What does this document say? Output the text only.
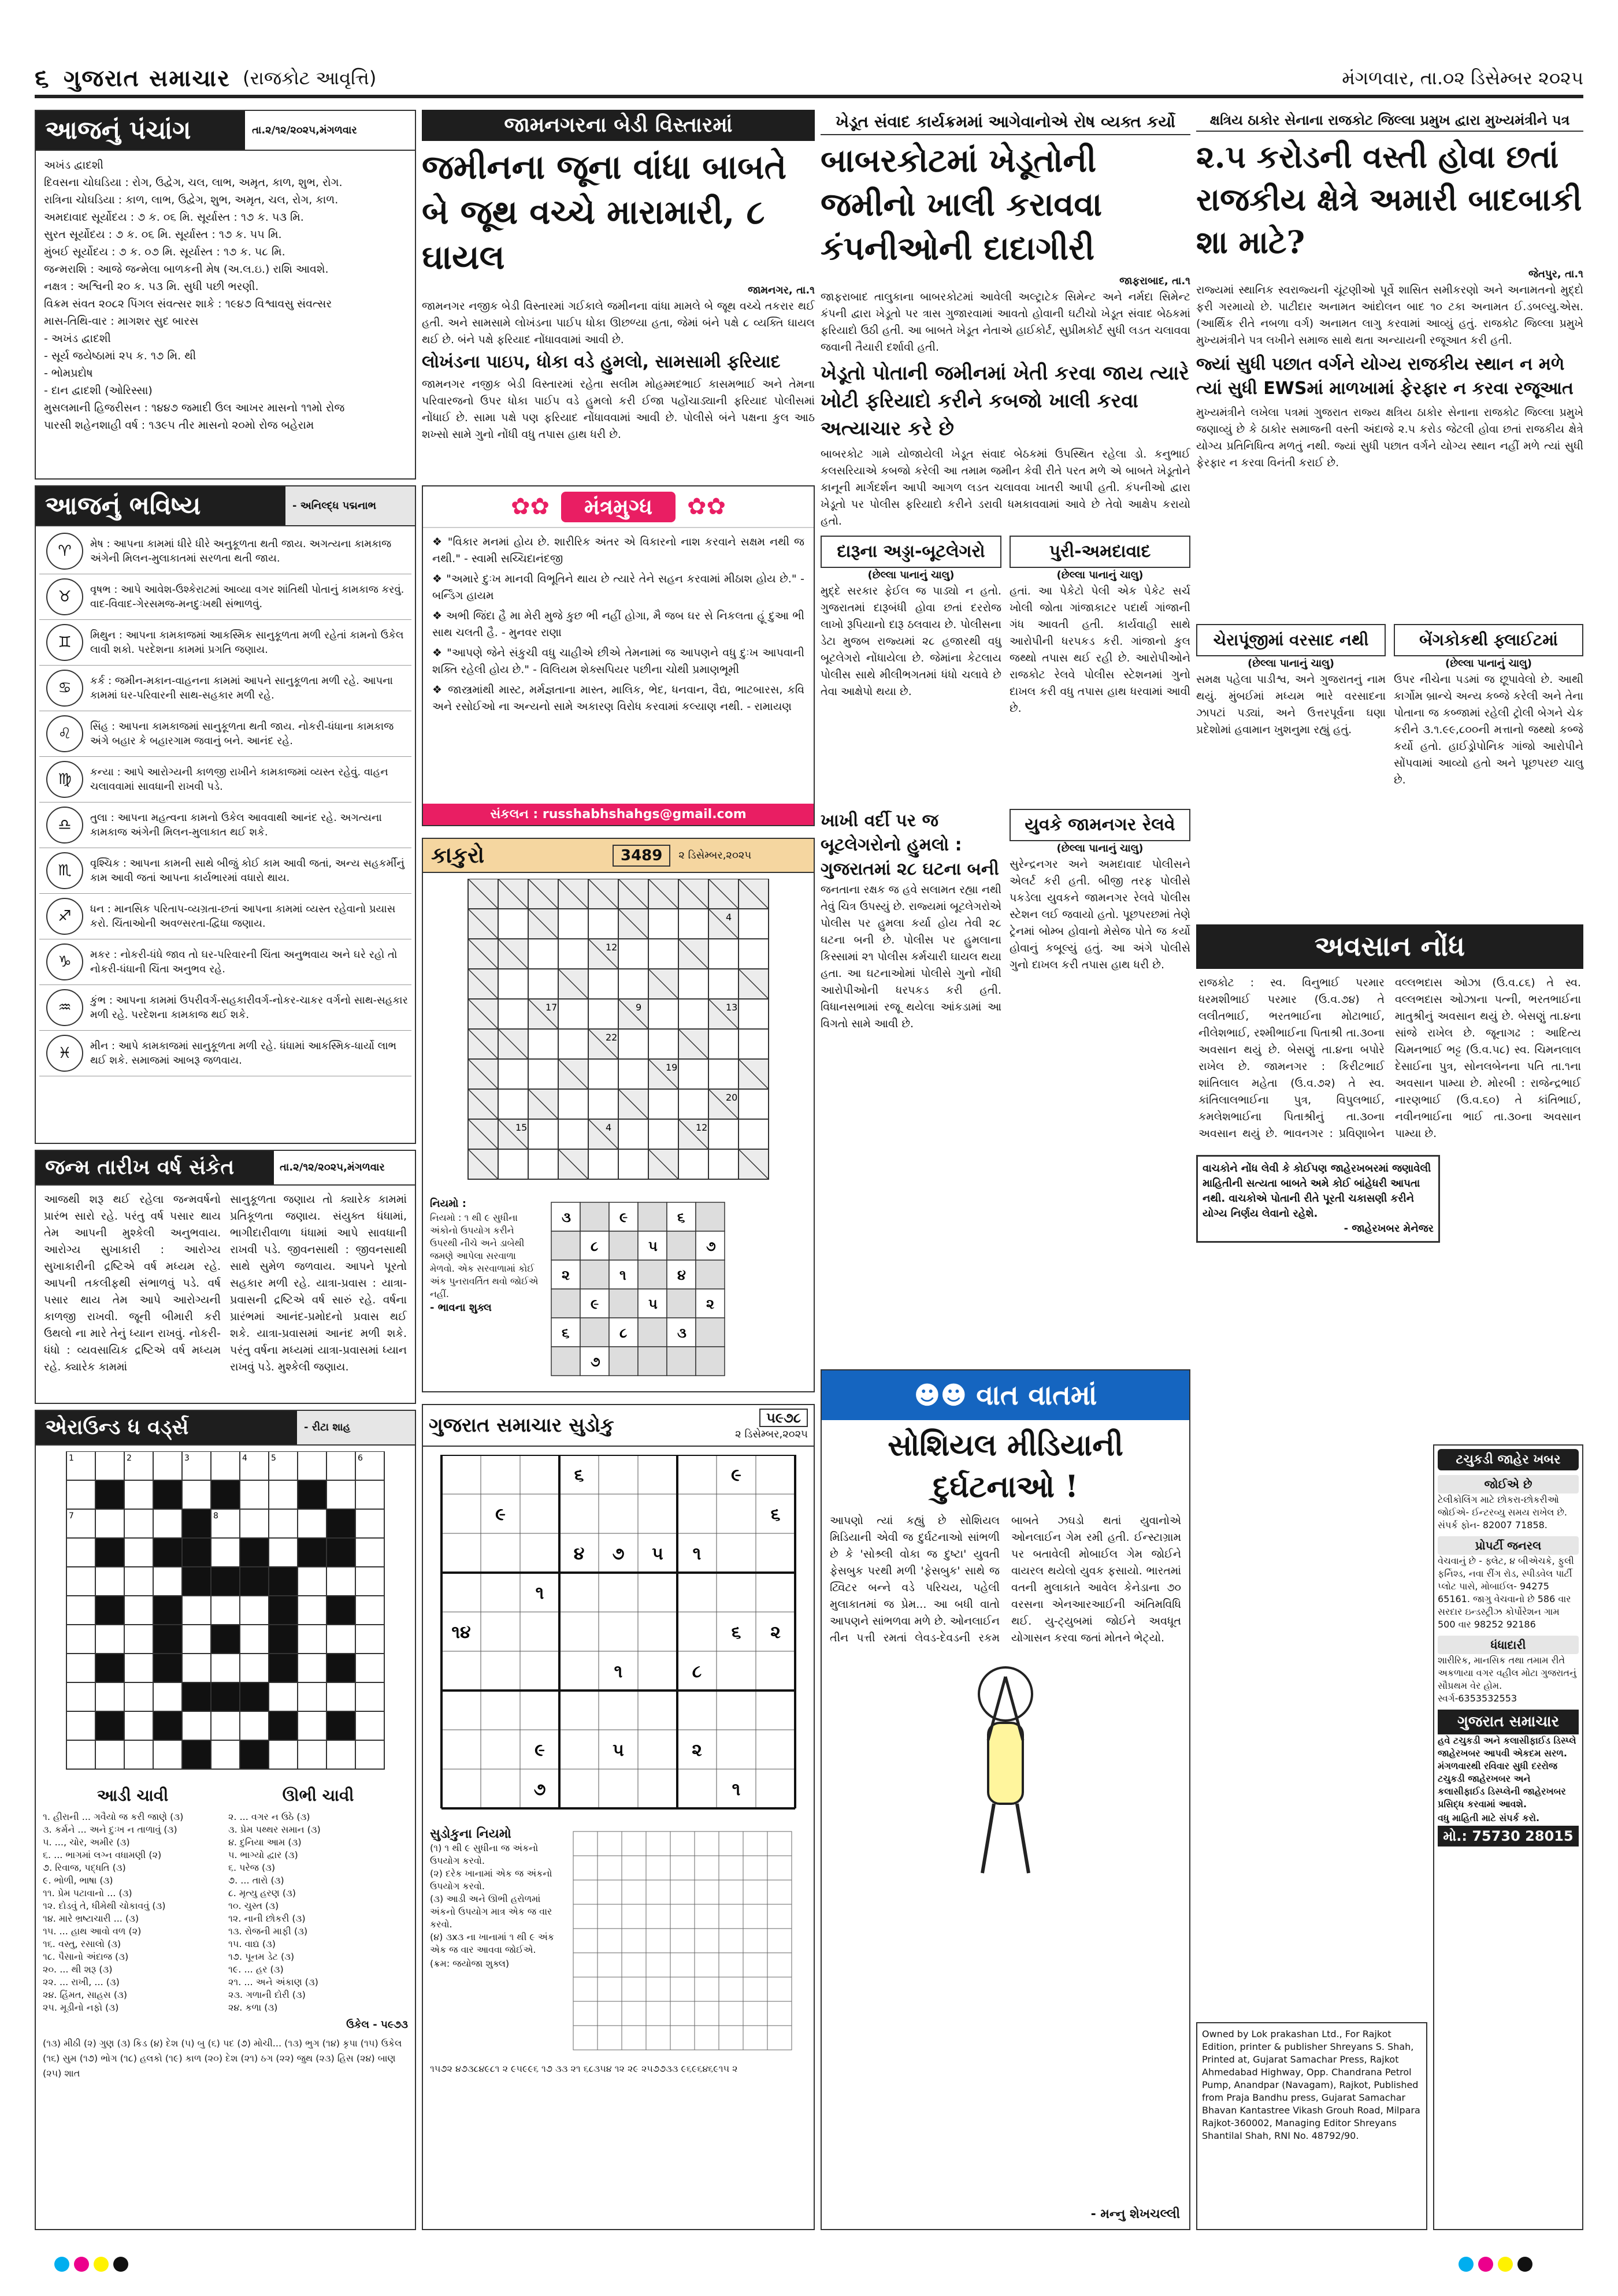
૬ ગુજરાત સમાચાર (રાજકોટ આવૃત્તિ)	મંગળવાર, તા.૦૨ ડિસેમ્બર ૨૦૨૫
આજનું પંચાંગ	તા.૨/૧૨/૨૦૨૫,મંગળવાર
અખંડ દ્વાદશી
દિવસના ચોઘડિયા : રોગ, ઉદ્વેગ, ચલ, લાભ, અમૃત, કાળ, શુભ, રોગ.
રાત્રિના ચોઘડિયા : કાળ, લાભ, ઉદ્વેગ, શુભ, અમૃત, ચલ, રોગ, કાળ.
અમદાવાદ સૂર્યોદય : ૭ ક. ૦૬ મિ. સૂર્યાસ્ત : ૧૭ ક. ૫૩ મિ.
સુરત સૂર્યોદય : ૭ ક. ૦૬ મિ. સૂર્યાસ્ત : ૧૭ ક. ૫૫ મિ.
મુંબઈ સૂર્યોદય : ૭ ક. ૦૭ મિ. સૂર્યાસ્ત : ૧૭ ક. ૫૮ મિ.
જન્મરાશિ : આજે જન્મેલા બાળકની મેષ (અ.લ.ઇ.) રાશિ આવશે.
નક્ષત્ર : અશ્વિની ૨૦ ક. ૫૩ મિ. સુધી પછી ભરણી.
વિક્રમ સંવત ૨૦૮૨ પિંગલ સંવત્સર શાકે : ૧૯૪૭ વિશ્વાવસુ સંવત્સર
માસ-તિથિ-વાર : માગશર સુદ બારસ
- અખંડ દ્વાદશી
- સૂર્ય જયેષ્ઠામાં ૨૫ ક. ૧૭ મિ. થી
- ભોમપ્રદોષ
- દાન દ્વાદશી (ઓરિસ્સા)
મુસલમાની હિજરીસન : ૧૪૪૭ જમાદી ઉલ આખર માસનો ૧૧મો રોજ
પારસી શહેનશાહી વર્ષ : ૧૩૯૫ તીર માસનો ૨૦મો રોજ બહેરામ
આજનું ભવિષ્ય	- અનિલ્દ્ધ પદ્મનાભ
♈	મેષ : આપના કામમાં ધીરે ધીરે અનુકૂળતા થતી જાય. અગત્યના કામકાજ અંગેની મિલન-મુલાકાતમાં સરળતા થતી જાય.
♉	વૃષભ : આપે આવેશ-ઉશ્કેરાટમાં આવ્યા વગર શાંતિથી પોતાનું કામકાજ કરવું. વાદ-વિવાદ-ગેરસમજ-મનદુઃખથી સંભાળવું.
♊	મિથુન : આપના કામકાજમાં આકસ્મિક સાનુકૂળતા મળી રહેતાં કામનો ઉકેલ લાવી શકો. પરદેશના કામમાં પ્રગતિ જણાય.
♋	કર્ક : જમીન-મકાન-વાહનના કામમાં આપને સાનુકૂળતા મળી રહે. આપના કામમાં ઘર-પરિવારની સાથ-સહકાર મળી રહે.
♌	સિંહ : આપના કામકાજમાં સાનુકૂળતા થતી જાય. નોકરી-ધંધાના કામકાજ અંગે બહાર કે બહારગામ જવાનું બને. આનંદ રહે.
♍	કન્યા : આપે આરોગ્યની કાળજી રાખીને કામકાજમાં વ્યસ્ત રહેવું. વાહન ચલાવવામાં સાવધાની રાખવી પડે.
♎	તુલા : આપના મહત્વના કામનો ઉકેલ આવવાથી આનંદ રહે. અગત્યના કામકાજ અંગેની મિલન-મુલાકાત થઈ શકે.
♏	વૃશ્ચિક : આપના કામની સાથે બીજું કોઈ કામ આવી જતાં, અન્ય સહકર્મીનું કામ આવી જતાં આપના કાર્યભારમાં વધારો થાય.
♐	ધન : માનસિક પરિતાપ-વ્યગ્રતા-છતાં આપના કામમાં વ્યસ્ત રહેવાનો પ્રયાસ કરો. ચિંતાઓની અવળ્સરતા-દ્વિધા જણાય.
♑	મકર : નોકરી-ધંધે જાવ તો ઘર-પરિવારની ચિંતા અનુભવાય અને ઘરે રહો તો નોકરી-ધંધાની ચિંતા અનુભવ રહે.
♒	કુંભ : આપના કામમાં ઉપરીવર્ગ-સહકારીવર્ગ-નોકર-ચાકર વર્ગનો સાથ-સહકાર મળી રહે. પરદેશના કામકાજ થઈ શકે.
♓	મીન : આપે કામકાજમાં સાનુકૂળતા મળી રહે. ધંધામાં આકસ્મિક-ધાર્યો લાભ થઈ શકે. સમાજમાં આબરૂ જળવાય.
જન્મ તારીખ વર્ષ સંકેત	તા.૨/૧૨/૨૦૨૫,મંગળવાર
આજથી શરૂ થઈ રહેલા જન્મવર્ષનો પ્રારંભ સારો રહે. પરંતુ વર્ષ પસાર થાય તેમ આપની મુશ્કેલી અનુભવાય. આરોગ્ય સુખાકારી : આરોગ્ય સુખાકારીની દ્રષ્ટિએ વર્ષ મધ્યમ રહે. આપની તકલીફથી સંભાળવું પડે. વર્ષ પસાર થાય તેમ આપે આરોગ્યની કાળજી રાખવી. જૂની બીમારી કરી ઉથલો ના મારે તેનું ધ્યાન રાખવું. નોકરી-ધંધો : વ્યવસાયિક દ્રષ્ટિએ વર્ષ મધ્યમ રહે. ક્યારેક કામમાં
સાનુકૂળતા જણાય તો ક્યારેક કામમાં પ્રતિકૂળતા જણાય. સંયુક્ત ધંધામાં, ભાગીદારીવાળા ધંધામાં આપે સાવધાની રાખવી પડે. જીવનસાથી : જીવનસાથી સાથે સુમેળ જળવાય. આપને પૂરતો સહકાર મળી રહે. યાત્રા-પ્રવાસ : યાત્રા-પ્રવાસની દ્રષ્ટિએ વર્ષ સારું રહે. વર્ષના પ્રારંભમાં આનંદ-પ્રમોદનો પ્રવાસ થઈ શકે. યાત્રા-પ્રવાસમાં આનંદ મળી શકે. પરંતુ વર્ષના મધ્યમાં યાત્રા-પ્રવાસમાં ધ્યાન રાખવું પડે. મુશ્કેલી જણાય.
એરાઉન્ડ ધ વર્ડ્સ	- રીટા શાહ
1	2	3	4	5	6
7	8
આડી ચાવી
૧. હીરાની ... ગવૈયો જ કરી જાણે (૩)
૩. કર્મને ... અને દુઃખ ન તાળાવું (૩)
૫. ..., ચોર, અમીર (૩)
૬. ... ભાગમાં લગ્ન વધામણી (૨)
૭. રિવાજ, પદ્ધતિ (૩)
૯. ભોળી, ભાષા (૩)
૧૧. પ્રેમ પટાવાનો ... (૩)
૧૨. દોડવું તે, ધીમેથી ચોકાવવું (૩)
૧૪. મારે ભ્રષ્ટાચારી ... (૩)
૧૫. ... હાથ આવો વળ (૨)
૧૬. વસ્તુ, રસાલો (૩)
૧૮. પૈસાનો અંદાજ (૩)
૨૦. ... થી શરૂ (૩)
૨૨. ... રાખી, ... (૩)
૨૪. હિંમત, સાહસ (૩)
૨૫. મૂડીનો નફો (૩)
ઊભી ચાવી
૨. ... વગર ન ઉઠે (૩)
૩. પ્રેમ પથ્થર સમાન (૩)
૪. દુનિયા આમ (૩)
૫. ભાગ્યો દ્વાર (૩)
૬. પરેજ (૩)
૭. ... તારો (૩)
૮. મૃત્યુ હરણ (૩)
૧૦. ચુસ્ત (૩)
૧૨. નાની છોકરી (૩)
૧૩. રોજની માફી (૩)
૧૫. વાદ્ય (૩)
૧૭. પૂનમ ડેટ (૩)
૧૯. ... હર (૩)
૨૧. ... અને અંકાણ (૩)
૨૩. ગળાની દોરી (૩)
૨૪. કળા (૩)
ઉકેલ - ૫૯૭૩
(૧૩) મીઠી (૨) ગુણ (૩) કિડ (૪) દેશ (૫) બુ (૬) પદ (૭) મોચી... (૧૩) ભુગ (૧૪) કૃપા (૧૫) ઉકેલ (૧૬) સુમ (૧૭) ભોગ (૧૮) હલકો (૧૯) કાળ (૨૦) દેશ (૨૧) ઠગ (૨૨) જુથ (૨૩) હિસ (૨૪) બાણ (૨૫) શાત
જામનગરના બેડી વિસ્તારમાં
જમીનના જૂના વાંધા બાબતે બે જૂથ વચ્ચે મારામારી, ૮ ઘાયલ
જામનગર, તા.૧
જામનગર નજીક બેડી વિસ્તારમાં ગઈકાલે જમીનના વાંધા મામલે બે જૂથ વચ્ચે તકરાર થઈ હતી. અને સામસામે લોખંડના પાઈપ ધોકા ઊછળ્યા હતા, જેમાં બંને પક્ષે ૮ વ્યક્તિ ઘાયલ થઈ છે. બંને પક્ષે ફરિયાદ નોંધાવવામાં આવી છે.
લોખંડના પાઇપ, ધોકા વડે હુમલો, સામસામી ફરિયાદ
જામનગર નજીક બેડી વિસ્તારમાં રહેતા સલીમ મોહમ્મદભાઈ કાસમભાઈ અને તેમના પરિવારજનો ઉપર ધોકા પાઈપ વડે હુમલો કરી ઈજા પહોંચાડ્યાની ફરિયાદ પોલીસમાં નોંધાઈ છે. સામા પક્ષે પણ ફરિયાદ નોંધાવવામાં આવી છે. પોલીસે બંને પક્ષના કુલ આઠ શખ્સો સામે ગુનો નોંધી વધુ તપાસ હાથ ધરી છે.
✿✿	મંત્રમુગ્ધ	✿✿
❖ "વિકાર મનમાં હોય છે. શારીરિક અંતર એ વિકારનો નાશ કરવાને સક્ષમ નથી જ નથી." - સ્વામી સચ્ચિદાનંદજી
❖ "અમારે દુઃખ માનવી વિભૂતિને થાય છે ત્યારે તેને સહન કરવામાં મીઠાશ હોય છે." - બર્ન્ડિંગ હાયમ
❖ અભી જિંદા હૈ મા મેરી મુજે કુછ ભી નહીં હોગા, મૈ જબ ઘર સે નિકલતા હૂં દુઆ ભી સાથ ચલતી હૈ. - મુનવર રાણા
❖ "આપણે જેને સંકુચી વધુ ચાહીએ છીએ તેમનામાં જ આપણને વધુ દુઃખ આપવાની શક્તિ રહેલી હોય છે." - વિલિયમ શેક્સપિયર પછીના ચોથી પ્રમાણભૂમી
❖ જાસ્ત્રમાંથી માસ્ટ, મર્મજ્ઞતાના માસ્ત, માલિક, ભેદ, ધનવાન, વૈદ્ય, ભાટબારસ, કવિ અને રસોઈઓ ના અન્યનો સામે અકારણ વિરોધ કરવામાં કલ્યાણ નથી. - રામાયણ
સંકલન : russhabhshahgs@gmail.com
કાકુરો	3489	૨ ડિસેમ્બર,૨૦૨૫
4
12
17	9	13
22
19
20
15	4	12
નિયમો :
નિયમો : ૧ થી ૯ સુધીના અંકોનો ઉપયોગ કરીને ઉપરથી નીચે અને ડાબેથી જમણે આપેલા સરવાળા મેળવો. એક સરવાળામાં કોઈ અંક પુનરાવર્તિત થવો જોઈએ નહીં.
- ભાવના શુક્લ
૩	૯	૬
૮	૫	૭
૨	૧	૪
૯	૫	૨
૬	૮	૩
૭
ગુજરાત સમાચાર સુડોકુ	૫૯૭૮
૨ ડિસેમ્બર,૨૦૨૫
૬	૯
૯	૬
૪ ૭ ૫ ૧
૧
૧૪	૬ ૨
૧	૮
૯	૫	૨
૭	૧
સુડોકુના નિયમો
(૧) ૧ થી ૯ સુધીના જ અંકનો ઉપયોગ કરવો.
(૨) દરેક ખાનામાં એક જ અંકનો ઉપયોગ કરવો.
(૩) આડી અને ઊભી હરોળમાં અંકનો ઉપયોગ માત્ર એક જ વાર કરવો.
(૪) ૩x૩ ના ખાનામાં ૧ થી ૯ અંક એક જ વાર આવવા જોઈએ.
(ક્રમ: જયોજા શુક્લ)
૧૫૭૨ ૪૭૩૮૪૯૮૧ ૨ ૯૫૯૯૬ ૧૭ ૩૩ ૨૧ ૬૮૩૫૪ ૧૨ ૨૯ ૨૫૭૭૩૩ ૯૬૯૬૪૬૯૧૫ ૨
ખેડૂત સંવાદ કાર્યક્રમમાં આગેવાનોએ રોષ વ્યક્ત કર્યો
બાબરકોટમાં ખેડૂતોની જમીનો ખાલી કરાવવા કંપનીઓની દાદાગીરી
જાફરાબાદ, તા.૧
જાફરાબાદ તાલુકાના બાબરકોટમાં આવેલી અલ્ટ્રાટેક સિમેન્ટ અને નર્મદા સિમેન્ટ કંપની દ્વારા ખેડૂતો પર ત્રાસ ગુજારવામાં આવતો હોવાની ઘટીચો ખેડૂત સંવાદ બેઠકમાં ફરિયાદો ઉઠી હતી. આ બાબતે ખેડૂત નેતાએ હાઈકોર્ટ, સુપ્રીમકોર્ટ સુધી લડત ચલાવવા જવાની તૈયારી દર્શાવી હતી.
ખેડૂતો પોતાની જમીનમાં ખેતી કરવા જાય ત્યારે ખોટી ફરિયાદો કરીને કબજો ખાલી કરવા અત્યાચાર કરે છે
બાબરકોટ ગામે યોજાયેલી ખેડૂત સંવાદ બેઠકમાં ઉપસ્થિત રહેલા ડો. કનુભાઈ કલસરિયાએ કબજો કરેલી આ તમામ જમીન કેવી રીતે પરત મળે એ બાબતે ખેડૂતોને કાનૂની માર્ગદર્શન આપી આગળ લડત ચલાવવા ખાતરી આપી હતી. કંપનીઓ દ્વારા ખેડૂતો પર પોલીસ ફરિયાદો કરીને ડરાવી ધમકાવવામાં આવે છે તેવો આક્ષેપ કરાયો હતો.
દારૂના અડ્ડા-બૂટલેગરો
(છેલ્લા પાનાનું ચાલુ)
મુદ્દે સરકાર ફેઈલ જ પાડ્યો ન હતો. ગુજરાતમાં દારૂબંધી હોવા છતાં દરરોજ લાખો રૂપિયાનો દારૂ ઠલવાય છે. પોલીસના ડેટા મુજબ રાજ્યમાં ૨૮ હજારથી વધુ બૂટલેગરો નોંધાયેલા છે. જેમાંના કેટલાય પોલીસ સાથે મીલીભગતમાં ધંધો ચલાવે છે તેવા આક્ષેપો થયા છે.
પુરી-અમદાવાદ
(છેલ્લા પાનાનું ચાલુ)
હતાં. આ પેકેટો પેલી એક પેકેટ સર્ચ ખોલી જોતા ગાંજાકાટર પદાર્થ ગાંજાની ગંધ આવતી હતી. કાર્યવાહી સાથે આરોપીની ધરપકડ કરી. ગાંજાનો કુલ જથ્થો તપાસ થઈ રહી છે. આરોપીઓને રાજકોટ રેલવે પોલીસ સ્ટેશનમાં ગુનો દાખલ કરી વધુ તપાસ હાથ ધરવામાં આવી છે.
ખાખી વર્દી પર જ બૂટલેગરોનો હુમલો : ગુજરાતમાં ૨૮ ઘટના બની
જનતાના રક્ષક જ હવે સલામત રહ્યા નથી તેવું ચિત્ર ઉપસ્યું છે. રાજ્યમાં બૂટલેગરોએ પોલીસ પર હુમલા કર્યા હોય તેવી ૨૮ ઘટના બની છે. પોલીસ પર હુમલાના કિસ્સામાં ૨૧ પોલીસ કર્મચારી ઘાયલ થયા હતા. આ ઘટનાઓમાં પોલીસે ગુનો નોંધી આરોપીઓની ધરપકડ કરી હતી. વિધાનસભામાં રજૂ થયેલા આંકડામાં આ વિગતો સામે આવી છે.
યુવકે જામનગર રેલવે
(છેલ્લા પાનાનું ચાલુ)
સુરેન્દ્રનગર અને અમદાવાદ પોલીસને એલર્ટ કરી હતી. બીજી તરફ પોલીસે પકડેલા યુવકને જામનગર રેલવે પોલીસ સ્ટેશન લઈ જવાયો હતો. પૂછપરછમાં તેણે ટ્રેનમાં બોમ્બ હોવાનો મેસેજ પોતે જ કર્યો હોવાનું કબૂલ્યું હતું. આ અંગે પોલીસે ગુનો દાખલ કરી તપાસ હાથ ધરી છે.
☻☻ વાત વાતમાં
સોશિયલ મીડિયાની દુર્ઘટનાઓ !
આપણો ત્યાં કહ્યું છે સોશિયલ મિડિયાની એવી જ દુર્ઘટનાઓ સાંભળી છે કે 'સોશ્ર્લી વોકા જ દુષ્ટા' યુવતી ફેસબુક પરથી મળી 'ફેસબુક' સાથે જ ટ્વિટર બન્ને વડે પરિચય, પહેલી મુલાકાતમાં જ પ્રેમ... આ બધી વાતો આપણને સાંભળવા મળે છે. ઓનલાઈન તીન પત્તી રમતાં લેવડ-દેવડની રકમ બાબતે ઝઘડો થતાં યુવાનોએ ઓનલાઈન ગેમ રમી હતી. ઈન્સ્ટાગ્રામ પર બતાવેલી મોબાઈલ ગેમ જોઈને વાયરલ થયેલો યુવક ફસાયો. ભારતમાં વતની મુલાકાતે આવેલ કેનેડાના ૭૦ વરસના એનઆરઆઈની અંતિમવિધિ થઈ. યુ-ટ્યુબમાં જોઈને અવધૂત યોગાસન કરવા જતાં મોતને ભેટ્યો.
- મન્નુ શેખચલ્લી
ક્ષત્રિય ઠાકોર સેનાના રાજકોટ જિલ્લા પ્રમુખ દ્વારા મુખ્યમંત્રીને પત્ર
૨.૫ કરોડની વસ્તી હોવા છતાં રાજકીય ક્ષેત્રે અમારી બાદબાકી શા માટે?
જેતપુર, તા.૧
રાજ્યમાં સ્થાનિક સ્વરાજ્યની ચૂંટણીઓ પૂર્વે શાસિત સમીકરણો અને અનામતનો મુદ્દો ફરી ગરમાયો છે. પાટીદાર અનામત આંદોલન બાદ ૧૦ ટકા અનામત ઈ.ડબલ્યુ.એસ. (આર્થિક રીતે નબળા વર્ગ) અનામત લાગુ કરવામાં આવ્યું હતું. રાજકોટ જિલ્લા પ્રમુખે મુખ્યમંત્રીને પત્ર લખીને સમાજ સાથે થતા અન્યાયની રજૂઆત કરી હતી.
જ્યાં સુધી પછાત વર્ગને યોગ્ય રાજકીય સ્થાન ન મળે ત્યાં સુધી EWSમાં માળખામાં ફેરફાર ન કરવા રજૂઆત
મુખ્યમંત્રીને લખેલા પત્રમાં ગુજરાત રાજ્ય ક્ષત્રિય ઠાકોર સેનાના રાજકોટ જિલ્લા પ્રમુખે જણાવ્યું છે કે ઠાકોર સમાજની વસ્તી અંદાજે ૨.૫ કરોડ જેટલી હોવા છતાં રાજકીય ક્ષેત્રે યોગ્ય પ્રતિનિધિત્વ મળતું નથી. જ્યાં સુધી પછાત વર્ગને યોગ્ય સ્થાન નહીં મળે ત્યાં સુધી ફેરફાર ન કરવા વિનંતી કરાઈ છે.
ચેરાપૂંજીમાં વરસાદ નથી
(છેલ્લા પાનાનું ચાલુ)
સમક્ષ પહેલા પાડીશ્વ, અને ગુજરાતનું નામ થયું. મુંબઈમાં મધ્યમ ભારે વરસાદના ઝાપટાં પડ્યાં, અને ઉત્તરપૂર્વના ઘણા પ્રદેશોમાં હવામાન ખુશનુમા રહ્યું હતું.
બેંગકોકથી ફ્લાઈટમાં
(છેલ્લા પાનાનું ચાલુ)
ઉપર નીચેના પડમાં જ છૂપાવેલો છે. આથી કાર્ગોમ બ્રાન્ચે અન્ય કબ્જે કરેલી અને તેના પોતાના જ કબ્જામાં રહેલી ટ્રોલી બેગને ચેક કરીને ૩.૧.૯૯,૮૦૦ની મત્તાનો જથ્થો કબ્જે કર્યો હતો. હાઈડ્રોપોનિક ગાંજો આરોપીને સોંપવામાં આવ્યો હતો અને પૂછપરછ ચાલુ છે.
અવસાન નોંધ
રાજકોટ : સ્વ. વિનુભાઈ પરમાર ધરમશીભાઈ પરમાર (ઉ.વ.૭૪) તે લલીતભાઈ, ભરતભાઈના મોટાભાઈ, નીલેશભાઈ, રશ્મીભાઈના પિતાશ્રી તા.૩૦ના અવસાન થયું છે. બેસણું તા.૪ના બપોરે રાખેલ છે. જામનગર : કિરીટભાઈ શાંતિલાલ મહેતા (ઉ.વ.૭૨) તે સ્વ. કાંતિલાલભાઈના પુત્ર, વિપુલભાઈ, કમલેશભાઈના પિતાશ્રીનું તા.૩૦ના અવસાન થયું છે. ભાવનગર : પ્રવિણાબેન વલ્લભદાસ ઓઝા (ઉ.વ.૮૬) તે સ્વ. વલ્લભદાસ ઓઝાના પત્ની, ભરતભાઈના માતુશ્રીનું અવસાન થયું છે. બેસણું તા.૪ના સાંજે રાખેલ છે. જૂનાગઢ : આદિત્ય ચિમનભાઈ ભટ્ટ (ઉ.વ.૫૮) સ્વ. ચિમનલાલ દેસાઈના પુત્ર, સોનલબેનના પતિ તા.૧ના અવસાન પામ્યા છે. મોરબી : રાજેન્દ્રભાઈ નારણભાઈ (ઉ.વ.૬૦) તે કાંતિભાઈ, નવીનભાઈના ભાઈ તા.૩૦ના અવસાન પામ્યા છે.
વાચકોને નોંધ લેવી કે કોઈપણ જાહેરખબરમાં જણાવેલી માહિતીની સત્યતા બાબતે અમે કોઈ બાંહેધરી આપતા નથી. વાચકોએ પોતાની રીતે પૂરતી ચકાસણી કરીને યોગ્ય નિર્ણય લેવાનો રહેશે.
- જાહેરખબર મેનેજર
ટચુકડી જાહેર ખબર
જોઈએ છે
ટેલીકોલિંગ માટે છોકરા-છોકરીઓ જોઈએ- ઈન્ટરવ્યુ સમય રાખેલ છે. સંપર્ક ફોન- 82007 71858.
પ્રોપર્ટી જનરલ
વેચવાનું છે - ફ્લેટ, ૪ બીએચકે, ફુલી ફર્નિશ્ડ, નવા રીંગ રોડ, સ્પીડવેલ પાર્ટી પ્લોટ પાસે, મોબાઈલ- 94275 65161. જાગુ વેચવાનો છે 586 વાર સરદાર ઇન્ડસ્ટ્રીઝ કોર્પોરેશન ગામ 500 વાર 98252 92186
ધંધાદારી
શારીરિક, માનસિક તથા તમામ રીતે અકળાયા વગર વહીલ મોટા ગુજરાતનું સૌપ્રથમ વેર હોમ. સ્વર્ગ-6353532553
ગુજરાત સમાચાર
હવે ટચુકડી અને કલાસીફાઈડ ડિસ્પ્લે જાહેરખબર આપવી એકદમ સરળ. મંગળવારથી રવિવાર સુધી દરરોજ ટચુકડી જાહેરખબર અને કલાસીફાઈડ ડિસ્પ્લેની જાહેરખબર પ્રસિદ્ધ કરવામાં આવશે.
વધુ માહિતી માટે સંપર્ક કરો.
મો.: 75730 28015
Owned by Lok prakashan Ltd., For Rajkot Edition, printer & publisher Shreyans S. Shah, Printed at, Gujarat Samachar Press, Rajkot Ahmedabad Highway, Opp. Chandrana Petrol Pump, Anandpar (Navagam), Rajkot, Published from Praja Bandhu press, Gujarat Samachar Bhavan Kantastree Vikash Grouh Road, Milpara Rajkot-360002, Managing Editor Shreyans Shantilal Shah, RNI No. 48792/90.
